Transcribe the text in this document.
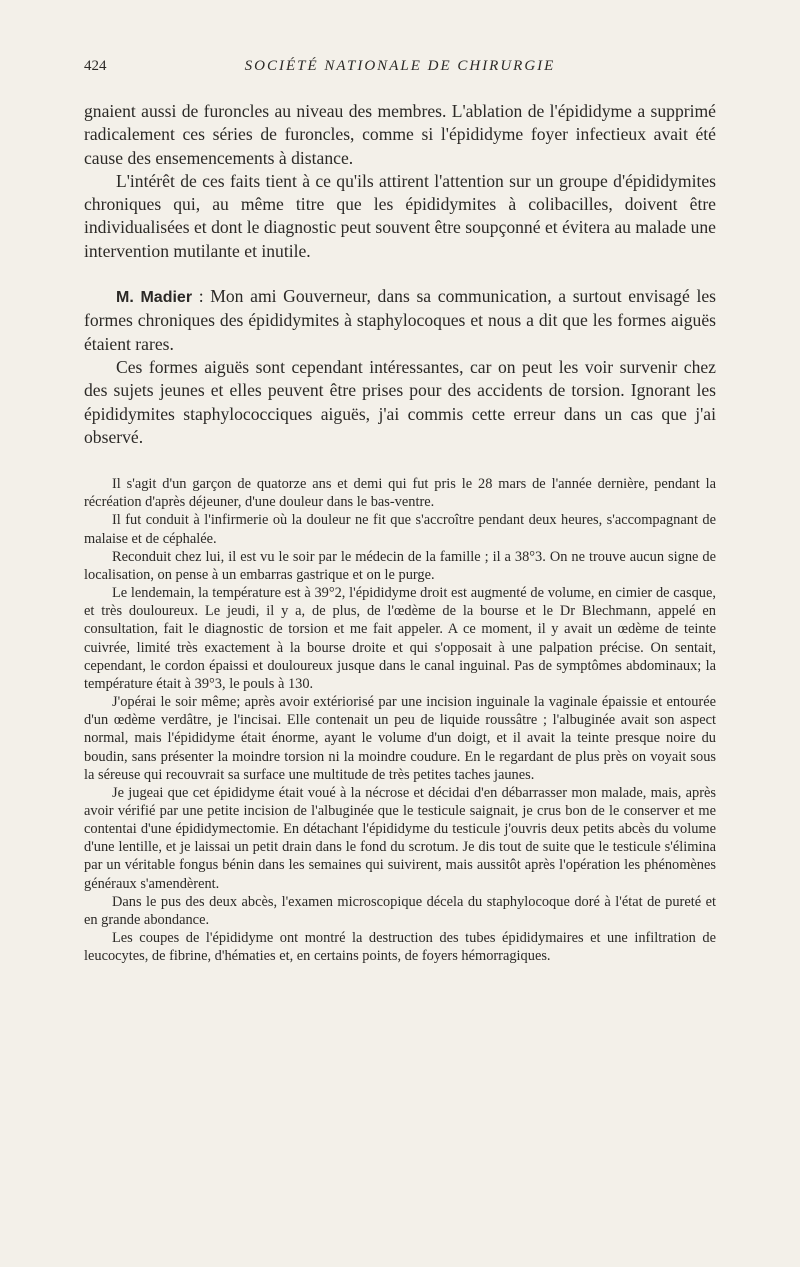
424	SOCIÉTÉ NATIONALE DE CHIRURGIE

gnaient aussi de furoncles au niveau des membres. L'ablation de l'épididyme a supprimé radicalement ces séries de furoncles, comme si l'épididyme foyer infectieux avait été cause des ensemencements à distance.

L'intérêt de ces faits tient à ce qu'ils attirent l'attention sur un groupe d'épididymites chroniques qui, au même titre que les épididymites à colibacilles, doivent être individualisées et dont le diagnostic peut souvent être soupçonné et évitera au malade une intervention mutilante et inutile.

M. Madier : Mon ami Gouverneur, dans sa communication, a surtout envisagé les formes chroniques des épididymites à staphylocoques et nous a dit que les formes aiguës étaient rares.

Ces formes aiguës sont cependant intéressantes, car on peut les voir survenir chez des sujets jeunes et elles peuvent être prises pour des accidents de torsion. Ignorant les épididymites staphylococciques aiguës, j'ai commis cette erreur dans un cas que j'ai observé.

Il s'agit d'un garçon de quatorze ans et demi qui fut pris le 28 mars de l'année dernière, pendant la récréation d'après déjeuner, d'une douleur dans le bas-ventre.

Il fut conduit à l'infirmerie où la douleur ne fit que s'accroître pendant deux heures, s'accompagnant de malaise et de céphalée.

Reconduit chez lui, il est vu le soir par le médecin de la famille ; il a 38°3. On ne trouve aucun signe de localisation, on pense à un embarras gastrique et on le purge.

Le lendemain, la température est à 39°2, l'épididyme droit est augmenté de volume, en cimier de casque, et très douloureux. Le jeudi, il y a, de plus, de l'œdème de la bourse et le Dr Blechmann, appelé en consultation, fait le diagnostic de torsion et me fait appeler. A ce moment, il y avait un œdème de teinte cuivrée, limité très exactement à la bourse droite et qui s'opposait à une palpation précise. On sentait, cependant, le cordon épaissi et douloureux jusque dans le canal inguinal. Pas de symptômes abdominaux; la température était à 39°3, le pouls à 130.

J'opérai le soir même; après avoir extériorisé par une incision inguinale la vaginale épaissie et entourée d'un œdème verdâtre, je l'incisai. Elle contenait un peu de liquide roussâtre ; l'albuginée avait son aspect normal, mais l'épididyme était énorme, ayant le volume d'un doigt, et il avait la teinte presque noire du boudin, sans présenter la moindre torsion ni la moindre coudure. En le regardant de plus près on voyait sous la séreuse qui recouvrait sa surface une multitude de très petites taches jaunes.

Je jugeai que cet épididyme était voué à la nécrose et décidai d'en débarrasser mon malade, mais, après avoir vérifié par une petite incision de l'albuginée que le testicule saignait, je crus bon de le conserver et me contentai d'une épididymectomie. En détachant l'épididyme du testicule j'ouvris deux petits abcès du volume d'une lentille, et je laissai un petit drain dans le fond du scrotum. Je dis tout de suite que le testicule s'élimina par un véritable fongus bénin dans les semaines qui suivirent, mais aussitôt après l'opération les phénomènes généraux s'amendèrent.

Dans le pus des deux abcès, l'examen microscopique décela du staphylocoque doré à l'état de pureté et en grande abondance.

Les coupes de l'épididyme ont montré la destruction des tubes épididymaires et une infiltration de leucocytes, de fibrine, d'hématies et, en certains points, de foyers hémorragiques.
